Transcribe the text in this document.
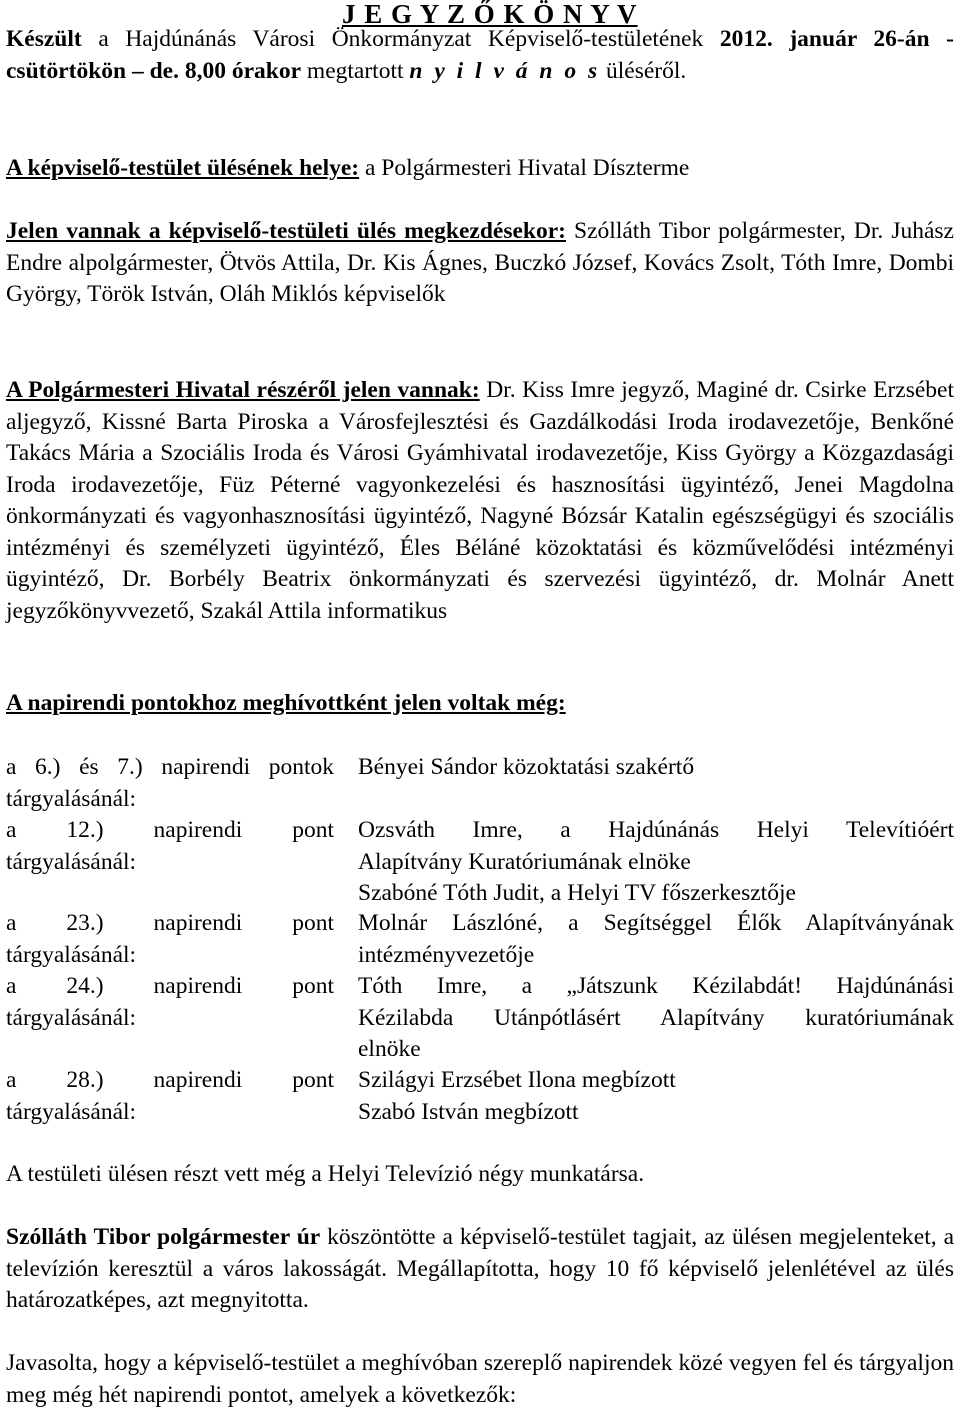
J E G Y Z Ő K Ö N Y V

Készült a Hajdúnánás Városi Önkormányzat Képviselő-testületének 2012. január 26-án - csütörtökön – de. 8,00 órakor megtartott n y i l v á n o s üléséről.

A képviselő-testület ülésének helye: a Polgármesteri Hivatal Díszterme

Jelen vannak a képviselő-testületi ülés megkezdésekor: Szólláth Tibor polgármester, Dr. Juhász Endre alpolgármester, Ötvös Attila, Dr. Kis Ágnes, Buczkó József, Kovács Zsolt, Tóth Imre, Dombi György, Török István, Oláh Miklós képviselők

A Polgármesteri Hivatal részéről jelen vannak: Dr. Kiss Imre jegyző, Maginé dr. Csirke Erzsébet aljegyző, Kissné Barta Piroska a Városfejlesztési és Gazdálkodási Iroda irodavezetője, Benkőné Takács Mária a Szociális Iroda és Városi Gyámhivatal irodavezetője, Kiss György a Közgazdasági Iroda irodavezetője, Füz Péterné vagyonkezelési és hasznosítási ügyintéző, Jenei Magdolna önkormányzati és vagyonhasznosítási ügyintéző, Nagyné Bózsár Katalin egészségügyi és szociális intézményi és személyzeti ügyintéző, Éles Béláné közoktatási és közművelődési intézményi ügyintéző, Dr. Borbély Beatrix önkormányzati és szervezési ügyintéző, dr. Molnár Anett jegyzőkönyvvezető, Szakál Attila informatikus

A napirendi pontokhoz meghívottként jelen voltak még:

a 6.) és 7.) napirendi pontok
tárgyalásánál:
Bényei Sándor közoktatási szakértő
a 12.) napirendi pont
tárgyalásánál:
Ozsváth Imre, a Hajdúnánás Helyi Televítióért
Alapítvány Kuratóriumának elnöke
Szabóné Tóth Judit, a Helyi TV főszerkesztője
a 23.) napirendi pont
tárgyalásánál:
Molnár Lászlóné, a Segítséggel Élők Alapítványának
intézményvezetője
a 24.) napirendi pont
tárgyalásánál:
Tóth Imre, a „Játszunk Kézilabdát! Hajdúnánási
Kézilabda Utánpótlásért Alapítvány kuratóriumának
elnöke
a 28.) napirendi pont
tárgyalásánál:
Szilágyi Erzsébet Ilona megbízott
Szabó István megbízott

A testületi ülésen részt vett még a Helyi Televízió négy munkatársa.

Szólláth Tibor polgármester úr köszöntötte a képviselő-testület tagjait, az ülésen megjelenteket, a televízión keresztül a város lakosságát. Megállapította, hogy 10 fő képviselő jelenlétével az ülés határozatképes, azt megnyitotta.

Javasolta, hogy a képviselő-testület a meghívóban szereplő napirendek közé vegyen fel és tárgyaljon meg még hét napirendi pontot, amelyek a következők:
